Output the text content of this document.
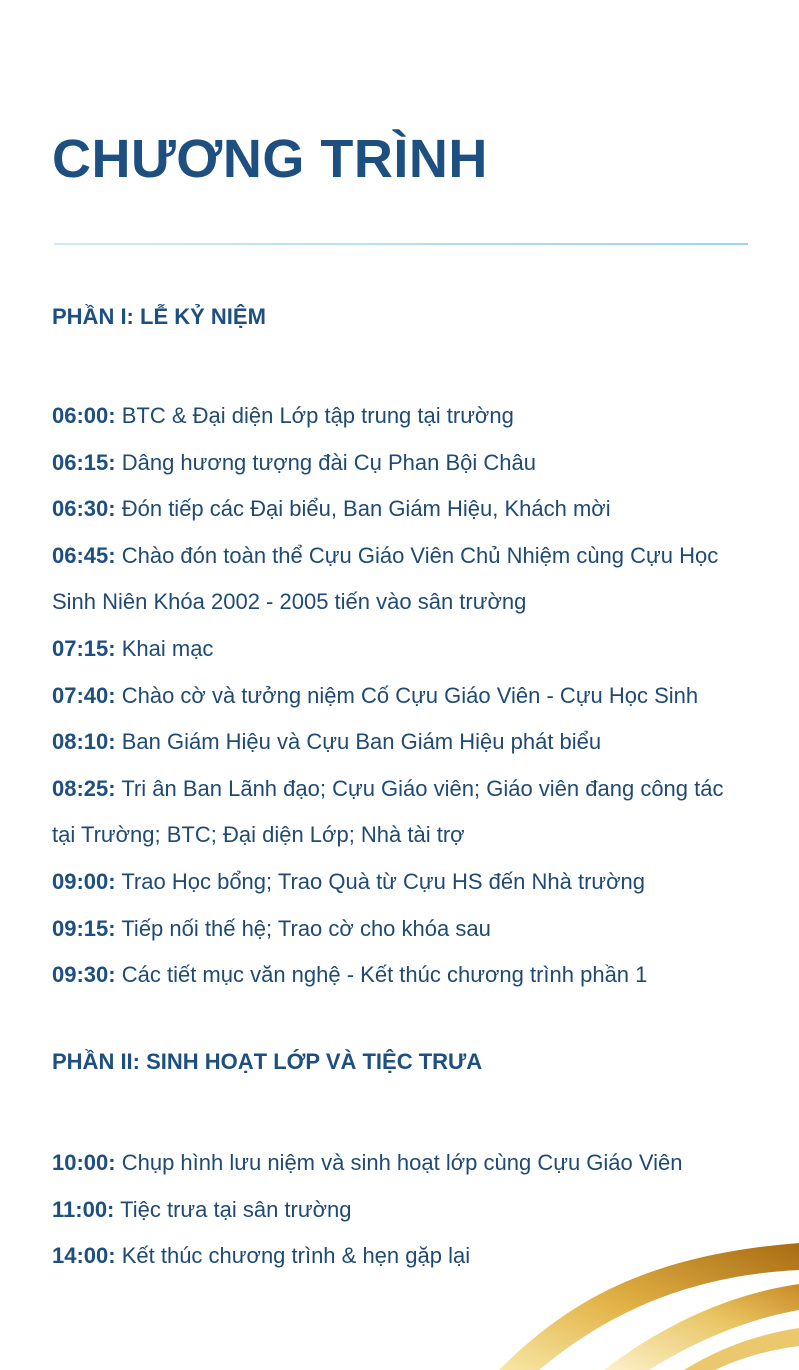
CHƯƠNG TRÌNH
PHẦN I: LỄ KỶ NIỆM
06:00: BTC & Đại diện Lớp tập trung tại trường
06:15: Dâng hương tượng đài Cụ Phan Bội Châu
06:30: Đón tiếp các Đại biểu, Ban Giám Hiệu, Khách mời
06:45: Chào đón toàn thể Cựu Giáo Viên Chủ Nhiệm cùng Cựu Học Sinh Niên Khóa 2002 - 2005 tiến vào sân trường
07:15: Khai mạc
07:40: Chào cờ và tưởng niệm Cố Cựu Giáo Viên - Cựu Học Sinh
08:10: Ban Giám Hiệu và Cựu Ban Giám Hiệu phát biểu
08:25: Tri ân Ban Lãnh đạo; Cựu Giáo viên; Giáo viên đang công tác tại Trường; BTC; Đại diện Lớp; Nhà tài trợ
09:00: Trao Học bổng; Trao Quà từ Cựu HS đến Nhà trường
09:15: Tiếp nối thế hệ; Trao cờ cho khóa sau
09:30: Các tiết mục văn nghệ - Kết thúc chương trình phần 1
PHẦN II: SINH HOẠT LỚP VÀ TIỆC TRƯA
10:00: Chụp hình lưu niệm và sinh hoạt lớp cùng Cựu Giáo Viên
11:00: Tiệc trưa tại sân trường
14:00: Kết thúc chương trình & hẹn gặp lại
